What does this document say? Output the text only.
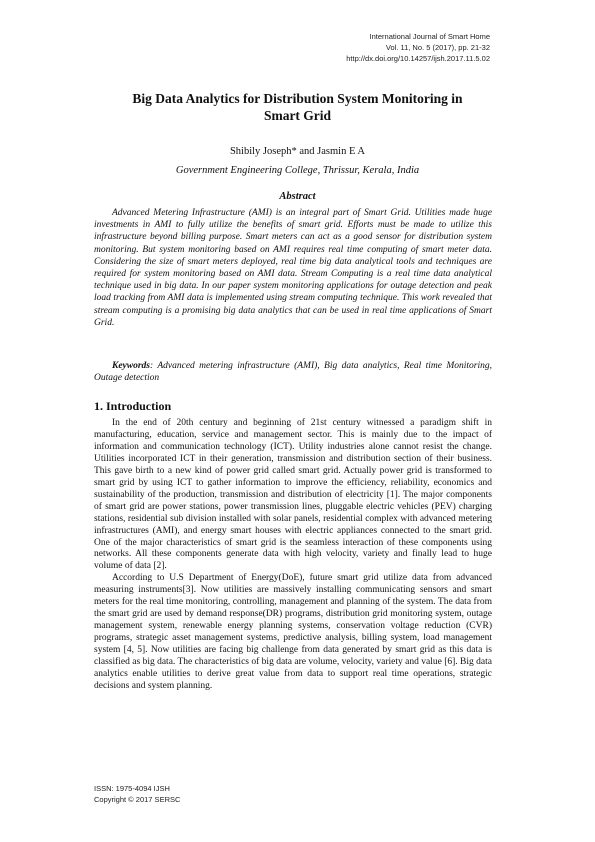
International Journal of Smart Home
Vol. 11, No. 5 (2017), pp. 21-32
http://dx.doi.org/10.14257/ijsh.2017.11.5.02
Big Data Analytics for Distribution System Monitoring in
Smart Grid
Shibily Joseph* and Jasmin E A
Government Engineering College, Thrissur, Kerala, India
Abstract

Advanced Metering Infrastructure (AMI) is an integral part of Smart Grid. Utilities made huge investments in AMI to fully utilize the benefits of smart grid. Efforts must be made to utilize this infrastructure beyond billing purpose. Smart meters can act as a good sensor for distribution system monitoring. But system monitoring based on AMI requires real time computing of smart meter data. Considering the size of smart meters deployed, real time big data analytical tools and techniques are required for system monitoring based on AMI data. Stream Computing is a real time data analytical technique used in big data. In our paper system monitoring applications for outage detection and peak load tracking from AMI data is implemented using stream computing technique. This work revealed that stream computing is a promising big data analytics that can be used in real time applications of Smart Grid.

Keywords: Advanced metering infrastructure (AMI), Big data analytics, Real time Monitoring, Outage detection

1. Introduction

In the end of 20th century and beginning of 21st century witnessed a paradigm shift in manufacturing, education, service and management sector. This is mainly due to the impact of information and communication technology (ICT). Utility industries alone cannot resist the change. Utilities incorporated ICT in their generation, transmission and distribution section of their business. This gave birth to a new kind of power grid called smart grid. Actually power grid is transformed to smart grid by using ICT to gather information to improve the efficiency, reliability, economics and sustainability of the production, transmission and distribution of electricity [1]. The major components of smart grid are power stations, power transmission lines, pluggable electric vehicles (PEV) charging stations, residential sub division installed with solar panels, residential complex with advanced metering infrastructures (AMI), and energy smart houses with electric appliances connected to the smart grid. One of the major characteristics of smart grid is the seamless interaction of these components using networks. All these components generate data with high velocity, variety and finally lead to huge volume of data [2].

According to U.S Department of Energy(DoE), future smart grid utilize data from advanced measuring instruments[3]. Now utilities are massively installing communicating sensors and smart meters for the real time monitoring, controlling, management and planning of the system. The data from the smart grid are used by demand response(DR) programs, distribution grid monitoring system, outage management system, renewable energy planning systems, conservation voltage reduction (CVR) programs, strategic asset management systems, predictive analysis, billing system, load management system [4, 5]. Now utilities are facing big challenge from data generated by smart grid as this data is classified as big data. The characteristics of big data are volume, velocity, variety and value [6]. Big data analytics enable utilities to derive great value from data to support real time operations, strategic decisions and system planning.

ISSN: 1975-4094 IJSH
Copyright © 2017 SERSC
